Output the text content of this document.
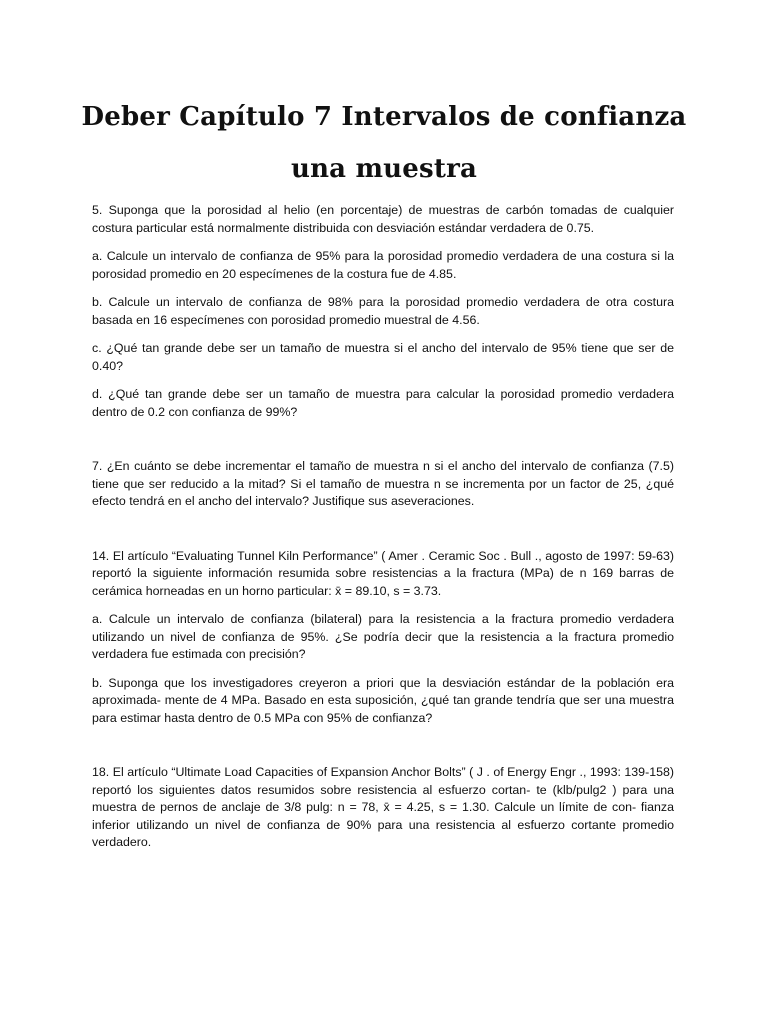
Deber Capítulo 7 Intervalos de confianza
una muestra

5. Suponga que la porosidad al helio (en porcentaje) de muestras de carbón tomadas de cualquier costura particular está normalmente distribuida con desviación estándar verdadera de 0.75.

a. Calcule un intervalo de confianza de 95% para la porosidad promedio verdadera de una costura si la porosidad promedio en 20 especímenes de la costura fue de 4.85.

b. Calcule un intervalo de confianza de 98% para la porosidad promedio verdadera de otra costura basada en 16 especímenes con porosidad promedio muestral de 4.56.

c. ¿Qué tan grande debe ser un tamaño de muestra si el ancho del intervalo de 95% tiene que ser de 0.40?

d. ¿Qué tan grande debe ser un tamaño de muestra para calcular la porosidad promedio verdadera dentro de 0.2 con confianza de 99%?

7. ¿En cuánto se debe incrementar el tamaño de muestra n si el ancho del intervalo de confianza (7.5) tiene que ser reducido a la mitad? Si el tamaño de muestra n se incrementa por un factor de 25, ¿qué efecto tendrá en el ancho del intervalo? Justifique sus aseveraciones.

14. El artículo “Evaluating Tunnel Kiln Performance” ( Amer . Ceramic Soc . Bull ., agosto de 1997: 59-63) reportó la siguiente información resumida sobre resistencias a la fractura (MPa) de n 169 barras de cerámica horneadas en un horno particular: x̄ = 89.10, s = 3.73.

a. Calcule un intervalo de confianza (bilateral) para la resistencia a la fractura promedio verdadera utilizando un nivel de confianza de 95%. ¿Se podría decir que la resistencia a la fractura promedio verdadera fue estimada con precisión?

b. Suponga que los investigadores creyeron a priori que la desviación estándar de la población era aproximada- mente de 4 MPa. Basado en esta suposición, ¿qué tan grande tendría que ser una muestra para estimar hasta dentro de 0.5 MPa con 95% de confianza?

18. El artículo “Ultimate Load Capacities of Expansion Anchor Bolts” ( J . of Energy Engr ., 1993: 139-158) reportó los siguientes datos resumidos sobre resistencia al esfuerzo cortan- te (klb/pulg2 ) para una muestra de pernos de anclaje de 3/8 pulg: n = 78, x̄ = 4.25, s = 1.30. Calcule un límite de con- fianza inferior utilizando un nivel de confianza de 90% para una resistencia al esfuerzo cortante promedio verdadero.
